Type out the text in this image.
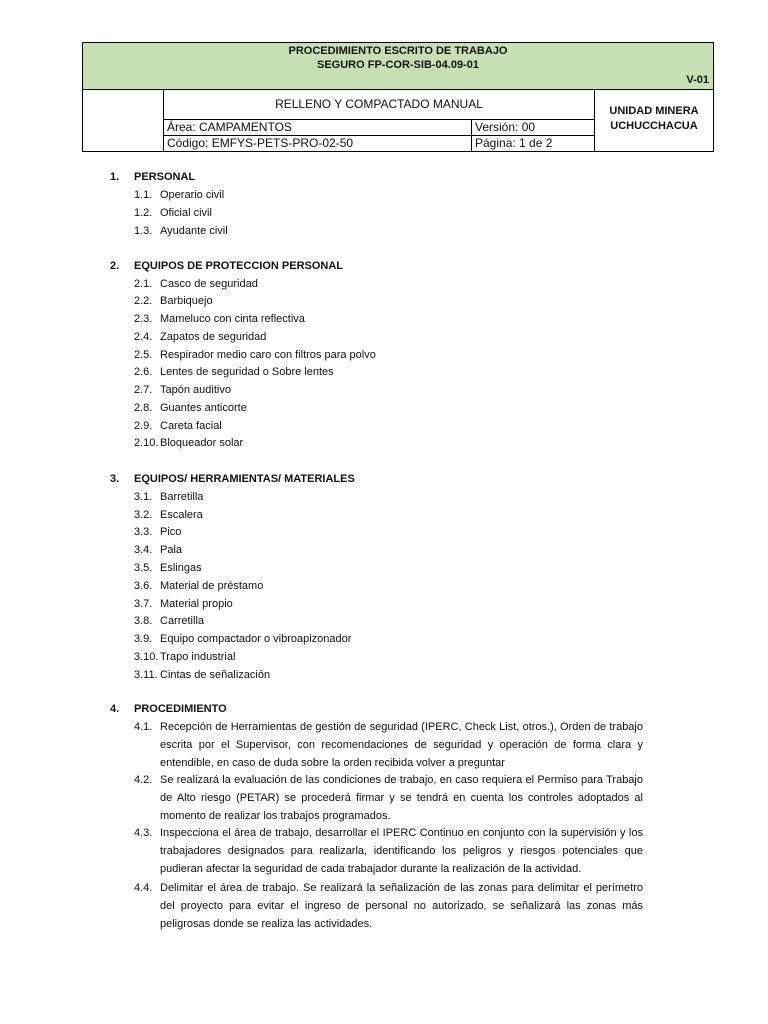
PROCEDIMIENTO ESCRITO DE TRABAJO
SEGURO FP-COR-SIB-04.09-01
V-01
RELLENO Y COMPACTADO MANUAL
Área: CAMPAMENTOS	Versión: 00
Código: EMFYS-PETS-PRO-02-50	Página: 1 de 2
UNIDAD MINERA
UCHUCCHACUA
1. PERSONAL
1.1. Operario civil
1.2. Oficial civil
1.3. Ayudante civil
2. EQUIPOS DE PROTECCION PERSONAL
2.1. Casco de seguridad
2.2. Barbiquejo
2.3. Mameluco con cinta reflectiva
2.4. Zapatos de seguridad
2.5. Respirador medio caro con filtros para polvo
2.6. Lentes de seguridad o Sobre lentes
2.7. Tapón auditivo
2.8. Guantes anticorte
2.9. Careta facial
2.10. Bloqueador solar
3. EQUIPOS/ HERRAMIENTAS/ MATERIALES
3.1. Barretilla
3.2. Escalera
3.3. Pico
3.4. Pala
3.5. Eslingas
3.6. Material de préstamo
3.7. Material propio
3.8. Carretilla
3.9. Equipo compactador o vibroapizonador
3.10. Trapo industrial
3.11. Cintas de señalización
4. PROCEDIMIENTO
4.1. Recepción de Herramientas de gestión de seguridad (IPERC, Check List, otros.), Orden de trabajo escrita por el Supervisor, con recomendaciones de seguridad y operación de forma clara y entendible, en caso de duda sobre la orden recibida volver a preguntar
4.2. Se realizará la evaluación de las condiciones de trabajo, en caso requiera el Permiso para Trabajo de Alto riesgo (PETAR) se procederá firmar y se tendrá en cuenta los controles adoptados al momento de realizar los trabajos programados.
4.3. Inspecciona el área de trabajo, desarrollar el IPERC Continuo en conjunto con la supervisión y los trabajadores designados para realizarla, identificando los peligros y riesgos potenciales que pudieran afectar la seguridad de cada trabajador durante la realización de la actividad.
4.4. Delimitar el área de trabajo. Se realizará la señalización de las zonas para delimitar el perímetro del proyecto para evitar el ingreso de personal no autorizado, se señalizará las zonas más peligrosas donde se realiza las actividades.
